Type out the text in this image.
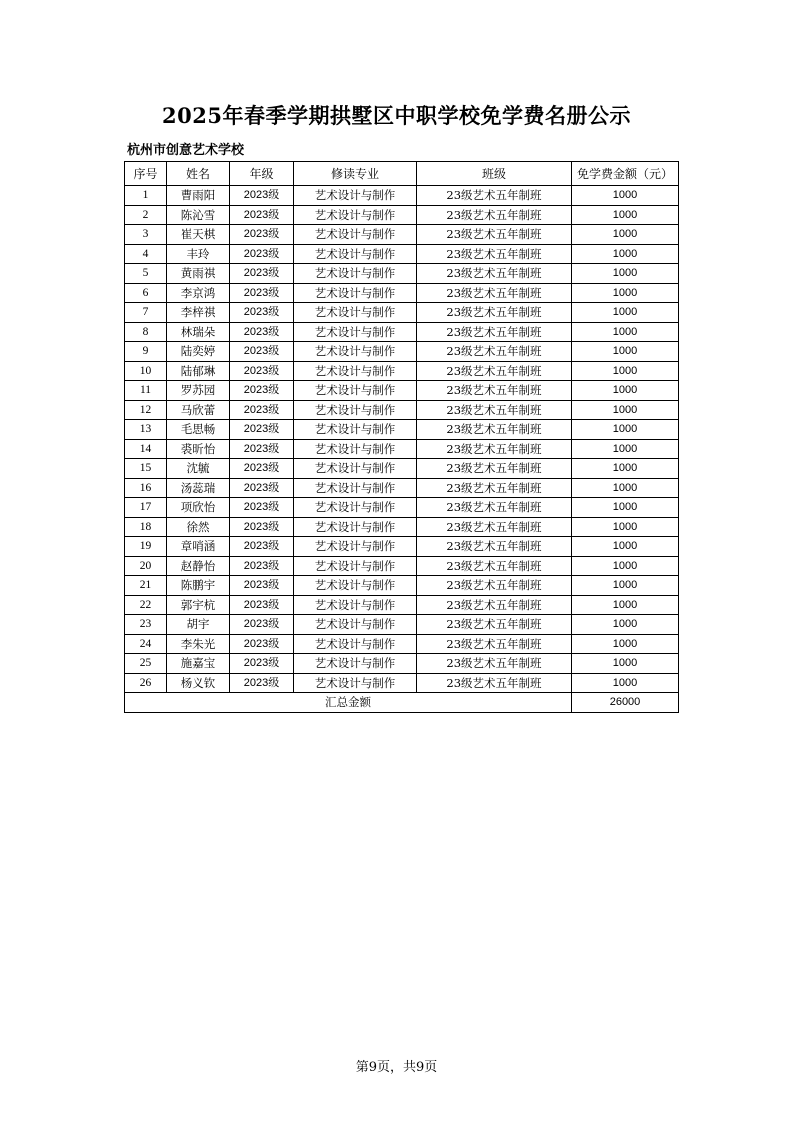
2025年春季学期拱墅区中职学校免学费名册公示
杭州市创意艺术学校
序号	姓名	年级	修读专业	班级	免学费金额（元）
1	曹雨阳	2023级	艺术设计与制作	23级艺术五年制班	1000
2	陈沁雪	2023级	艺术设计与制作	23级艺术五年制班	1000
3	崔天棋	2023级	艺术设计与制作	23级艺术五年制班	1000
4	丰玲	2023级	艺术设计与制作	23级艺术五年制班	1000
5	黄雨祺	2023级	艺术设计与制作	23级艺术五年制班	1000
6	李京鸿	2023级	艺术设计与制作	23级艺术五年制班	1000
7	李梓祺	2023级	艺术设计与制作	23级艺术五年制班	1000
8	林瑞朵	2023级	艺术设计与制作	23级艺术五年制班	1000
9	陆奕婷	2023级	艺术设计与制作	23级艺术五年制班	1000
10	陆郁琳	2023级	艺术设计与制作	23级艺术五年制班	1000
11	罗苏园	2023级	艺术设计与制作	23级艺术五年制班	1000
12	马欣蕾	2023级	艺术设计与制作	23级艺术五年制班	1000
13	毛思畅	2023级	艺术设计与制作	23级艺术五年制班	1000
14	裘昕怡	2023级	艺术设计与制作	23级艺术五年制班	1000
15	沈毓	2023级	艺术设计与制作	23级艺术五年制班	1000
16	汤蕊瑞	2023级	艺术设计与制作	23级艺术五年制班	1000
17	项欣怡	2023级	艺术设计与制作	23级艺术五年制班	1000
18	徐然	2023级	艺术设计与制作	23级艺术五年制班	1000
19	章哨涵	2023级	艺术设计与制作	23级艺术五年制班	1000
20	赵静怡	2023级	艺术设计与制作	23级艺术五年制班	1000
21	陈鹏宇	2023级	艺术设计与制作	23级艺术五年制班	1000
22	郭宇杭	2023级	艺术设计与制作	23级艺术五年制班	1000
23	胡宇	2023级	艺术设计与制作	23级艺术五年制班	1000
24	李朱光	2023级	艺术设计与制作	23级艺术五年制班	1000
25	施嘉宝	2023级	艺术设计与制作	23级艺术五年制班	1000
26	杨义钦	2023级	艺术设计与制作	23级艺术五年制班	1000
汇总金额					26000
第9页，共9页
